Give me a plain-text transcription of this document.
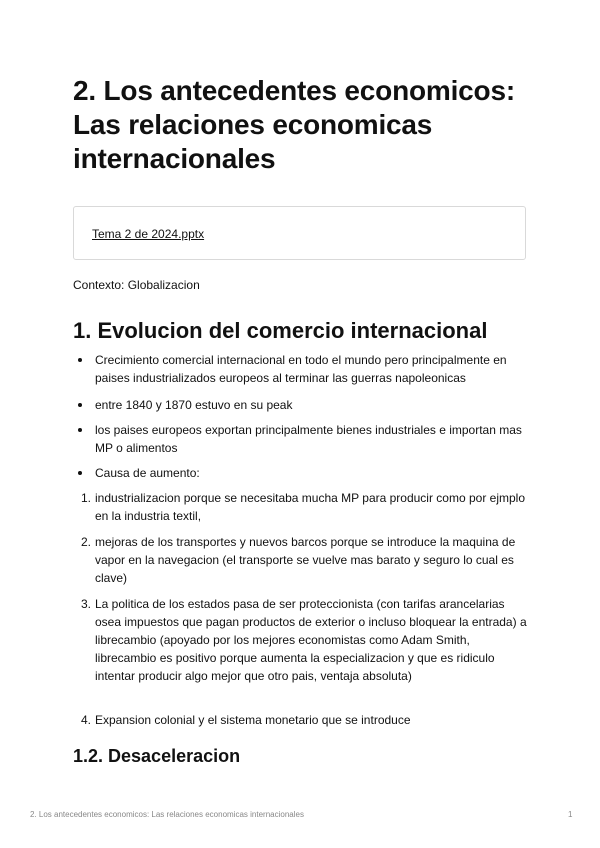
2. Los antecedentes economicos: Las relaciones economicas internacionales
Tema 2 de 2024.pptx
Contexto: Globalizacion
1. Evolucion del comercio internacional
Crecimiento comercial internacional en todo el mundo pero principalmente en paises industrializados europeos al terminar las guerras napoleonicas
entre 1840 y 1870 estuvo en su peak
los paises europeos exportan principalmente bienes industriales e importan mas MP o alimentos
Causa de aumento:
1. industrializacion porque se necesitaba mucha MP para producir como por ejmplo en la industria textil,
2. mejoras de los transportes y nuevos barcos porque se introduce la maquina de vapor en la navegacion (el transporte se vuelve mas barato y seguro lo cual es clave)
3. La politica de los estados pasa de ser proteccionista (con tarifas arancelarias osea impuestos que pagan productos de exterior o incluso bloquear la entrada) a librecambio (apoyado por los mejores economistas como Adam Smith, librecambio es positivo porque aumenta la especializacion y que es ridiculo intentar producir algo mejor que otro pais, ventaja absoluta)
4. Expansion colonial y el sistema monetario que se introduce
1.2. Desaceleracion
2. Los antecedentes economicos: Las relaciones economicas internacionales	1
